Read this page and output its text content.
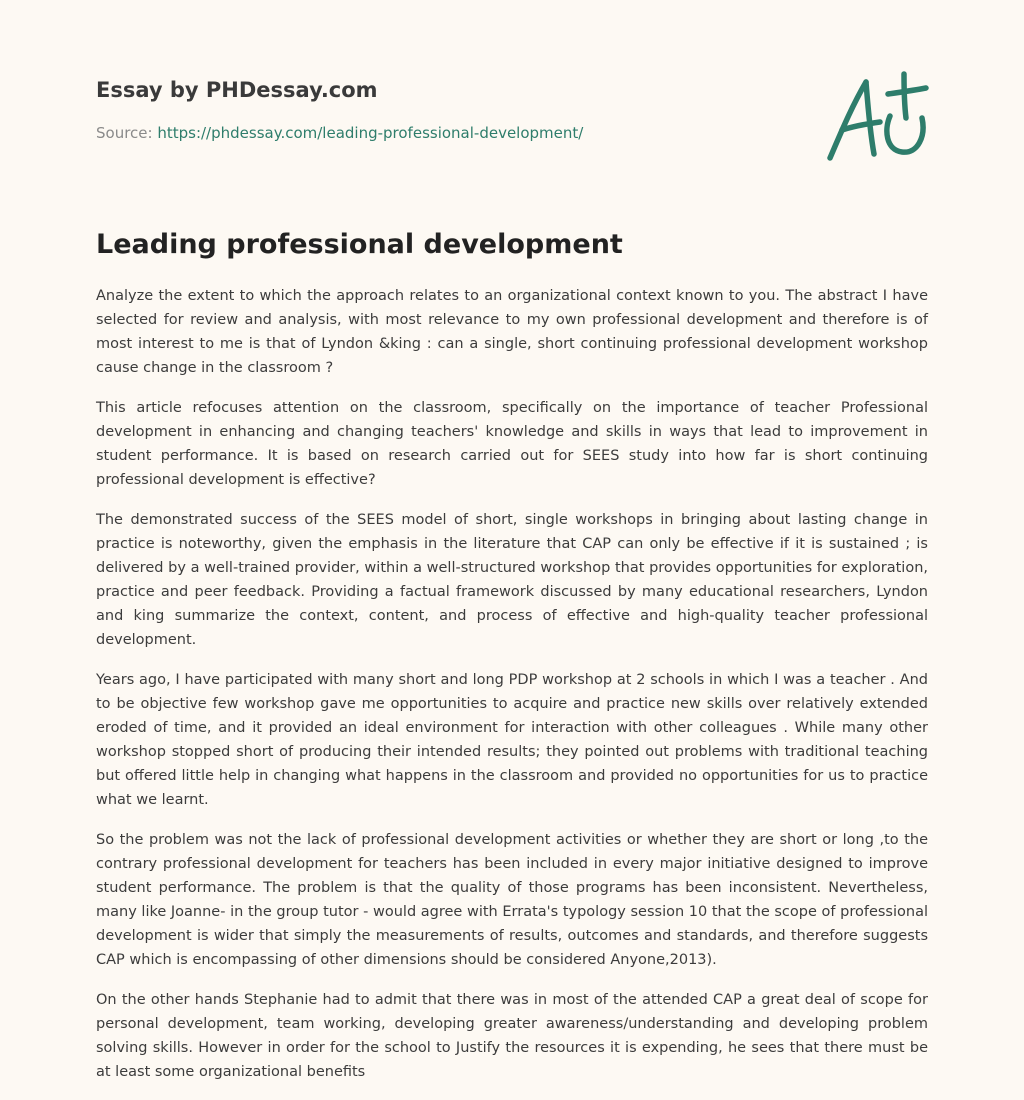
Essay by PHDessay.com
Source: https://phdessay.com/leading-professional-development/
Leading professional development

Analyze the extent to which the approach relates to an organizational context known to you. The abstract I have selected for review and analysis, with most relevance to my own professional development and therefore is of most interest to me is that of Lyndon &king : can a single, short continuing professional development workshop cause change in the classroom ?

This article refocuses attention on the classroom, specifically on the importance of teacher Professional development in enhancing and changing teachers' knowledge and skills in ways that lead to improvement in student performance. It is based on research carried out for SEES study into how far is short continuing professional development is effective?

The demonstrated success of the SEES model of short, single workshops in bringing about lasting change in practice is noteworthy, given the emphasis in the literature that CAP can only be effective if it is sustained ; is delivered by a well-trained provider, within a well-structured workshop that provides opportunities for exploration, practice and peer feedback. Providing a factual framework discussed by many educational researchers, Lyndon and king summarize the context, content, and process of effective and high-quality teacher professional development.

Years ago, I have participated with many short and long PDP workshop at 2 schools in which I was a teacher . And to be objective few workshop gave me opportunities to acquire and practice new skills over relatively extended eroded of time, and it provided an ideal environment for interaction with other colleagues . While many other workshop stopped short of producing their intended results; they pointed out problems with traditional teaching but offered little help in changing what happens in the classroom and provided no opportunities for us to practice what we learnt.

So the problem was not the lack of professional development activities or whether they are short or long ,to the contrary professional development for teachers has been included in every major initiative designed to improve student performance. The problem is that the quality of those programs has been inconsistent. Nevertheless, many like Joanne- in the group tutor - would agree with Errata's typology session 10 that the scope of professional development is wider that simply the measurements of results, outcomes and standards, and therefore suggests CAP which is encompassing of other dimensions should be considered Anyone,2013).

On the other hands Stephanie had to admit that there was in most of the attended CAP a great deal of scope for personal development, team working, developing greater awareness/understanding and developing problem solving skills. However in order for the school to Justify the resources it is expending, he sees that there must be at least some organizational benefits
